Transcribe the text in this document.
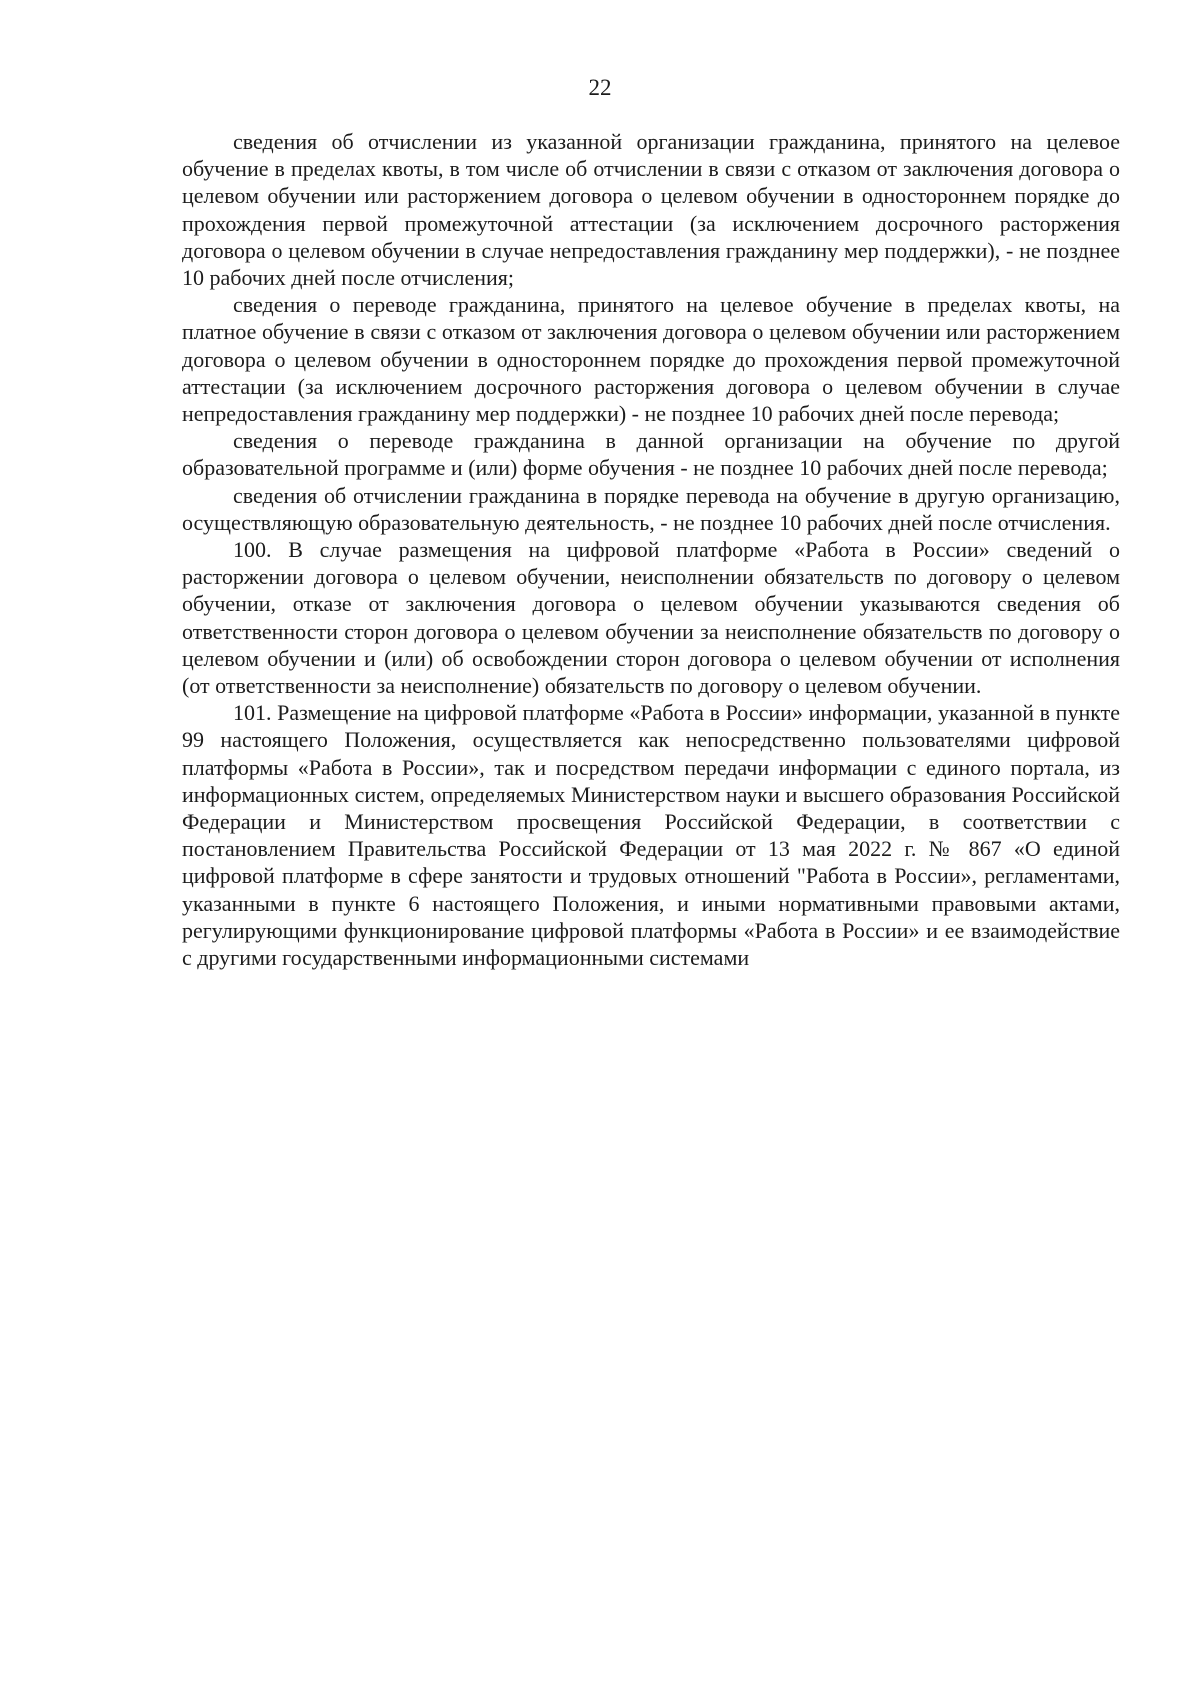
22

сведения об отчислении из указанной организации гражданина, принятого на целевое обучение в пределах квоты, в том числе об отчислении в связи с отказом от заключения договора о целевом обучении или расторжением договора о целевом обучении в одностороннем порядке до прохождения первой промежуточной аттестации (за исключением досрочного расторжения договора о целевом обучении в случае непредоставления гражданину мер поддержки), - не позднее 10 рабочих дней после отчисления;

сведения о переводе гражданина, принятого на целевое обучение в пределах квоты, на платное обучение в связи с отказом от заключения договора о целевом обучении или расторжением договора о целевом обучении в одностороннем порядке до прохождения первой промежуточной аттестации (за исключением досрочного расторжения договора о целевом обучении в случае непредоставления гражданину мер поддержки) - не позднее 10 рабочих дней после перевода;

сведения о переводе гражданина в данной организации на обучение по другой образовательной программе и (или) форме обучения - не позднее 10 рабочих дней после перевода;

сведения об отчислении гражданина в порядке перевода на обучение в другую организацию, осуществляющую образовательную деятельность, - не позднее 10 рабочих дней после отчисления.

100. В случае размещения на цифровой платформе «Работа в России» сведений о расторжении договора о целевом обучении, неисполнении обязательств по договору о целевом обучении, отказе от заключения договора о целевом обучении указываются сведения об ответственности сторон договора о целевом обучении за неисполнение обязательств по договору о целевом обучении и (или) об освобождении сторон договора о целевом обучении от исполнения (от ответственности за неисполнение) обязательств по договору о целевом обучении.

101. Размещение на цифровой платформе «Работа в России» информации, указанной в пункте 99 настоящего Положения, осуществляется как непосредственно пользователями цифровой платформы «Работа в России», так и посредством передачи информации с единого портала, из информационных систем, определяемых Министерством науки и высшего образования Российской Федерации и Министерством просвещения Российской Федерации, в соответствии с постановлением Правительства Российской Федерации от 13 мая 2022 г. № 867 «О единой цифровой платформе в сфере занятости и трудовых отношений "Работа в России», регламентами, указанными в пункте 6 настоящего Положения, и иными нормативными правовыми актами, регулирующими функционирование цифровой платформы «Работа в России» и ее взаимодействие с другими государственными информационными системами
